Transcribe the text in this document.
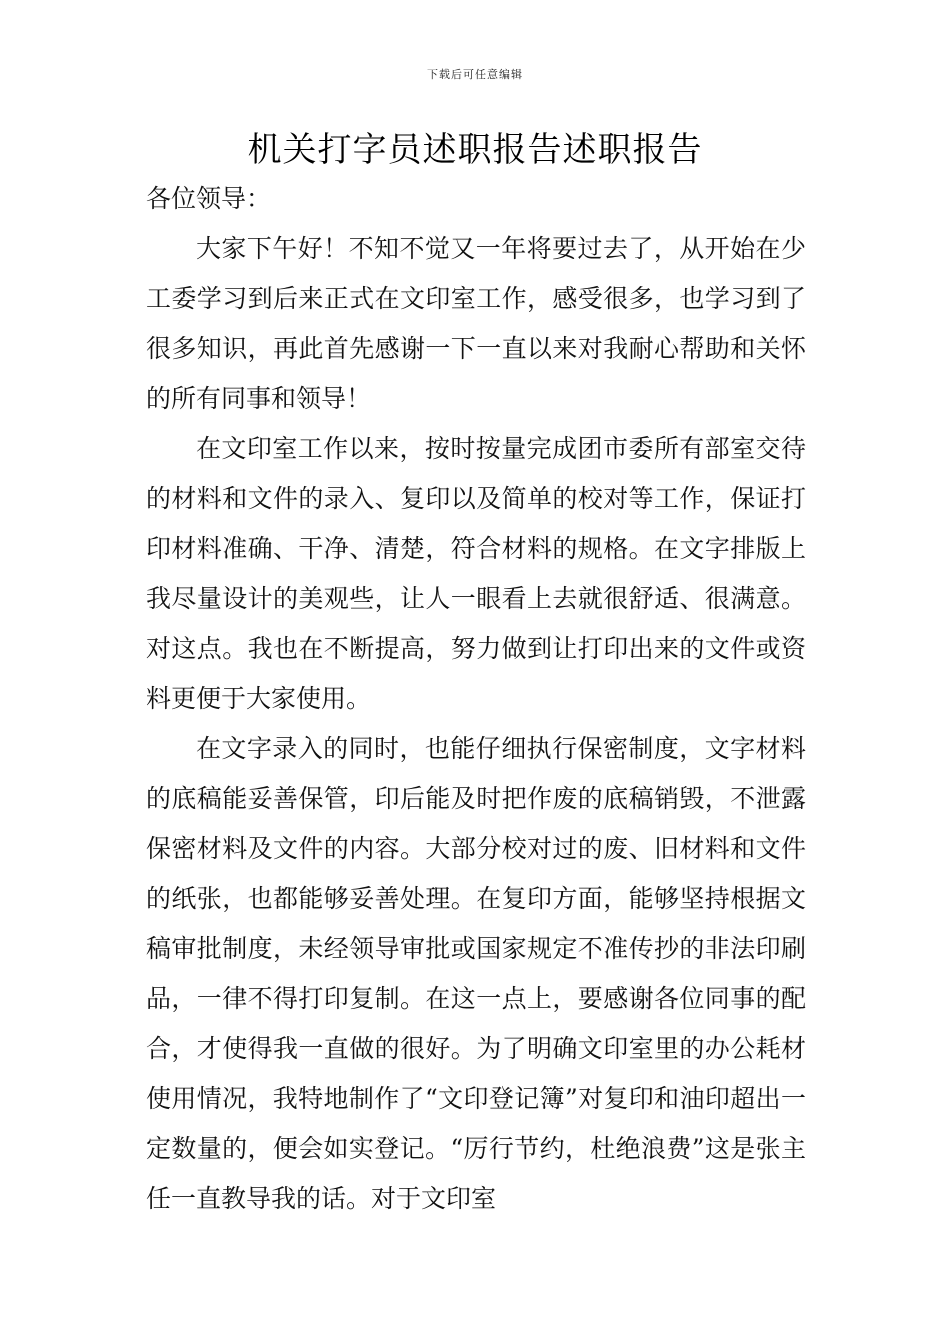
下载后可任意编辑
机关打字员述职报告述职报告

各位领导：

大家下午好！不知不觉又一年将要过去了，从开始在少工委学习到后来正式在文印室工作，感受很多，也学习到了很多知识，再此首先感谢一下一直以来对我耐心帮助和关怀的所有同事和领导！

在文印室工作以来，按时按量完成团市委所有部室交待的材料和文件的录入、复印以及简单的校对等工作，保证打印材料准确、干净、清楚，符合材料的规格。在文字排版上我尽量设计的美观些，让人一眼看上去就很舒适、很满意。对这点。我也在不断提高，努力做到让打印出来的文件或资料更便于大家使用。

在文字录入的同时，也能仔细执行保密制度，文字材料的底稿能妥善保管，印后能及时把作废的底稿销毁，不泄露保密材料及文件的内容。大部分校对过的废、旧材料和文件的纸张，也都能够妥善处理。在复印方面，能够坚持根据文稿审批制度，未经领导审批或国家规定不准传抄的非法印刷品，一律不得打印复制。在这一点上，要感谢各位同事的配合，才使得我一直做的很好。为了明确文印室里的办公耗材使用情况，我特地制作了“文印登记簿”对复印和油印超出一定数量的，便会如实登记。“厉行节约，杜绝浪费”这是张主任一直教导我的话。对于文印室
